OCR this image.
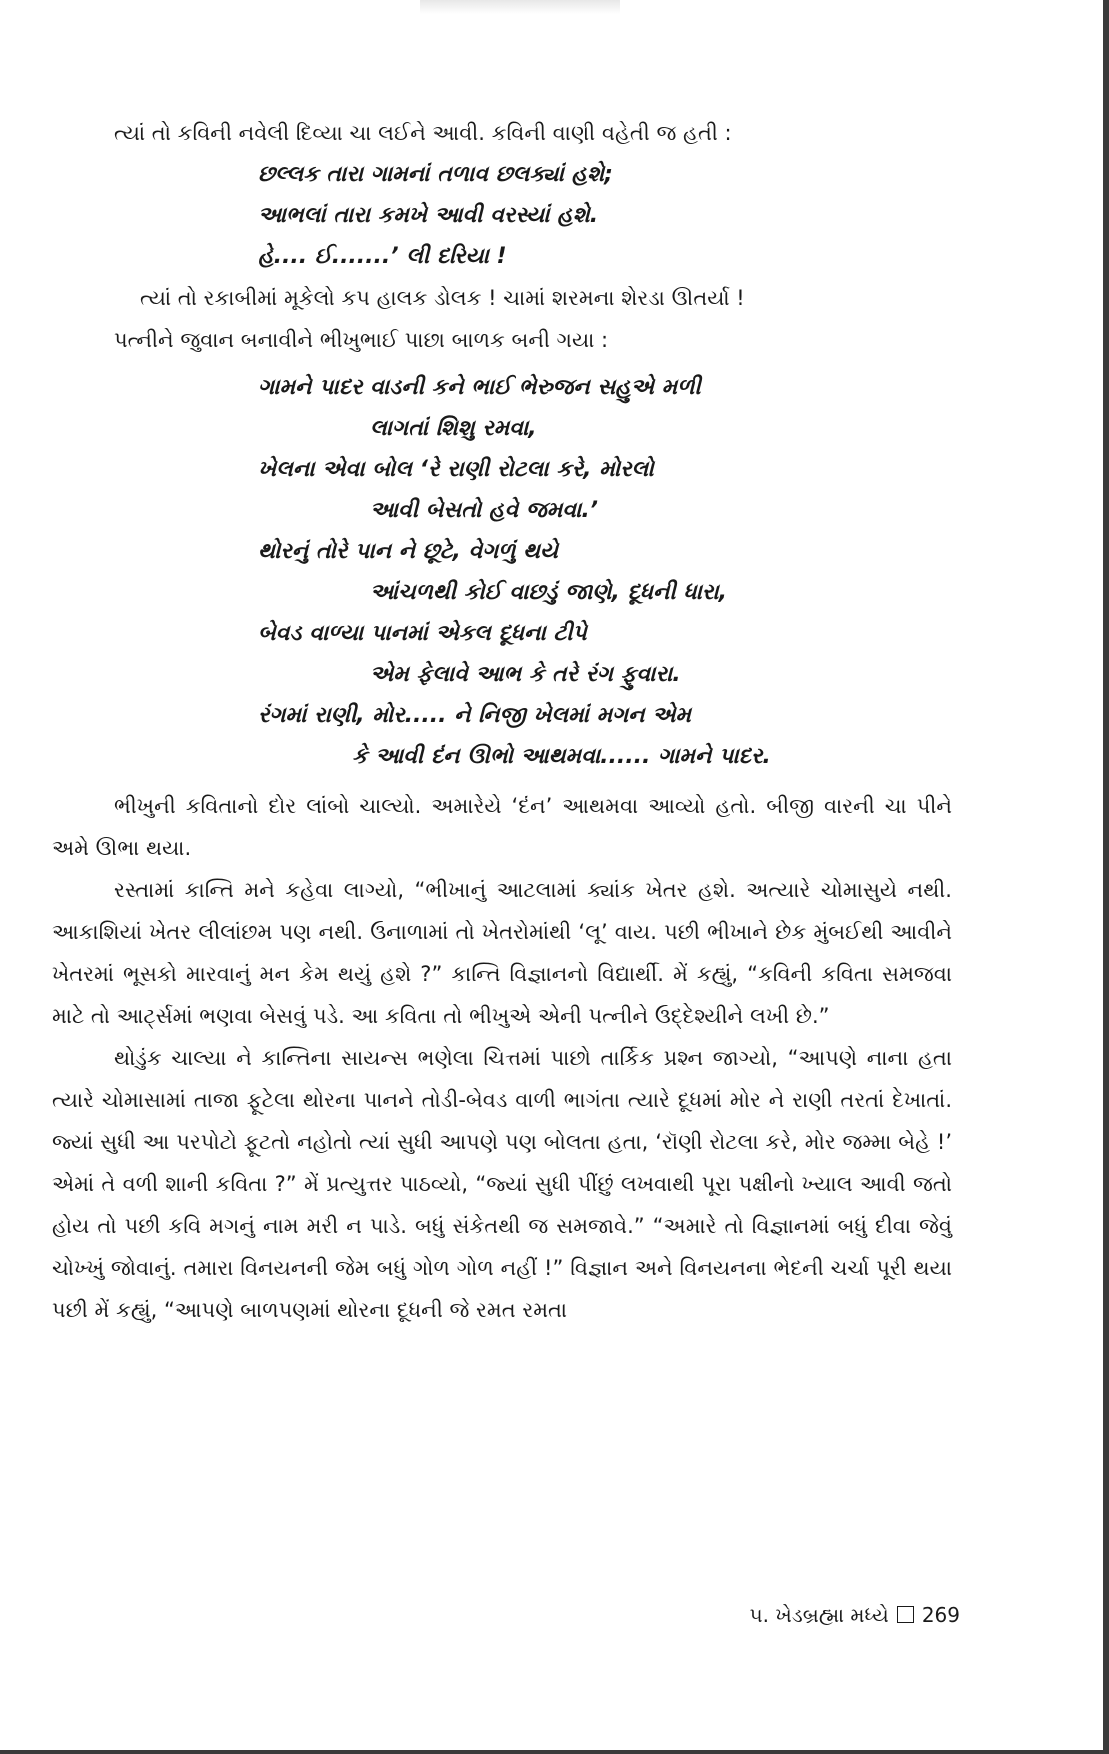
ત્યાં તો કવિની નવેલી દિવ્યા ચા લઈને આવી. કવિની વાણી વહેતી જ હતી :

છલ્લક તારા ગામનાં તળાવ છલક્યાં હશે;
આભલાં તારા કમખે આવી વરસ્યાં હશે.
હે.... ઈ.......’ લી દરિયા !

ત્યાં તો રકાબીમાં મૂકેલો કપ હાલક ડોલક ! ચામાં શરમના શેરડા ઊતર્યા !

પત્નીને જુવાન બનાવીને ભીખુભાઈ પાછા બાળક બની ગયા :

ગામને પાદર વાડની કને ભાઈ ભેરુજન સહુએ મળી
લાગતાં શિશુ રમવા,
ખેલના એવા બોલ ‘રે રાણી રોટલા કરે, મોરલો
આવી બેસતો હવે જમવા.’
થોરનું તોરે પાન ને છૂટે, વેગળું થયે
આંચળથી કોઈ વાછડું જાણે, દૂધની ધારા,
બેવડ વાળ્યા પાનમાં એકલ દૂધના ટીપે
એમ ફેલાવે આભ કે તરે રંગ ફુવારા.
રંગમાં રાણી, મોર..... ને નિજી ખેલમાં મગન એમ
કે આવી દંન ઊભો આથમવા...... ગામને પાદર.

ભીખુની કવિતાનો દોર લાંબો ચાલ્યો. અમારેયે ‘દંન’ આથમવા આવ્યો હતો. બીજી વારની ચા પીને અમે ઊભા થયા.

રસ્તામાં કાન્તિ મને કહેવા લાગ્યો, “ભીખાનું આટલામાં ક્યાંક ખેતર હશે. અત્યારે ચોમાસુયે નથી. આકાશિયાં ખેતર લીલાંછમ પણ નથી. ઉનાળામાં તો ખેતરોમાંથી ‘લૂ’ વાય. પછી ભીખાને છેક મુંબઈથી આવીને ખેતરમાં ભૂસકો મારવાનું મન કેમ થયું હશે ?” કાન્તિ વિજ્ઞાનનો વિદ્યાર્થી. મેં કહ્યું, “કવિની કવિતા સમજવા માટે તો આર્ટ્સમાં ભણવા બેસવું પડે. આ કવિતા તો ભીખુએ એની પત્નીને ઉદ્દેશ્યીને લખી છે.”

થોડુંક ચાલ્યા ને કાન્તિના સાયન્સ ભણેલા ચિત્તમાં પાછો તાર્કિક પ્રશ્ન જાગ્યો, “આપણે નાના હતા ત્યારે ચોમાસામાં તાજા ફૂટેલા થોરના પાનને તોડી-બેવડ વાળી ભાગંતા ત્યારે દૂધમાં મોર ને રાણી તરતાં દેખાતાં. જ્યાં સુધી આ પરપોટો ફૂટતો નહોતો ત્યાં સુધી આપણે પણ બોલતા હતા, ‘રૉણી રોટલા કરે, મોર જમ્મા બેહે !’ એમાં તે વળી શાની કવિતા ?” મેં પ્રત્યુત્તર પાઠવ્યો, “જ્યાં સુધી પીંછું લખવાથી પૂરા પક્ષીનો ખ્યાલ આવી જતો હોય તો પછી કવિ મગનું નામ મરી ન પાડે. બધું સંકેતથી જ સમજાવે.” “અમારે તો વિજ્ઞાનમાં બધું દીવા જેવું ચોખ્ખું જોવાનું. તમારા વિનયનની જેમ બધું ગોળ ગોળ નહીં !” વિજ્ઞાન અને વિનયનના ભેદની ચર્ચા પૂરી થયા પછી મેં કહ્યું, “આપણે બાળપણમાં થોરના દૂધની જે રમત રમતા

૫. ખેડબ્રહ્મા મધ્યે 269
